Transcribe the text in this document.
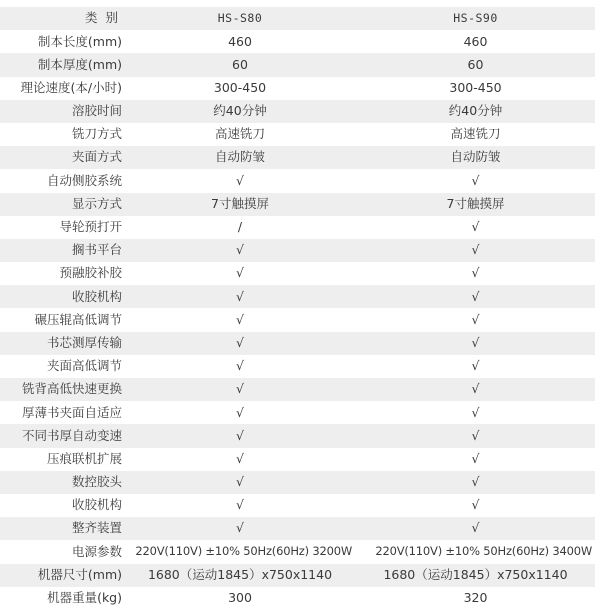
类 别	HS-S80	HS-S90
制本长度(mm)	460	460
制本厚度(mm)	60	60
理论速度(本/小时)	300-450	300-450
溶胶时间	约40分钟	约40分钟
铣刀方式	高速铣刀	高速铣刀
夹面方式	自动防皱	自动防皱
自动侧胶系统	√	√
显示方式	7寸触摸屏	7寸触摸屏
导轮预打开	/	√
搁书平台	√	√
预融胶补胶	√	√
收胶机构	√	√
碾压辊高低调节	√	√
书芯测厚传输	√	√
夹面高低调节	√	√
铣背高低快速更换	√	√
厚薄书夹面自适应	√	√
不同书厚自动变速	√	√
压痕联机扩展	√	√
数控胶头	√	√
收胶机构	√	√
整齐装置	√	√
电源参数	220V(110V) ±10% 50Hz(60Hz) 3200W	220V(110V) ±10% 50Hz(60Hz) 3400W
机器尺寸(mm)	1680（运动1845）x750x1140	1680（运动1845）x750x1140
机器重量(kg)	300	320
